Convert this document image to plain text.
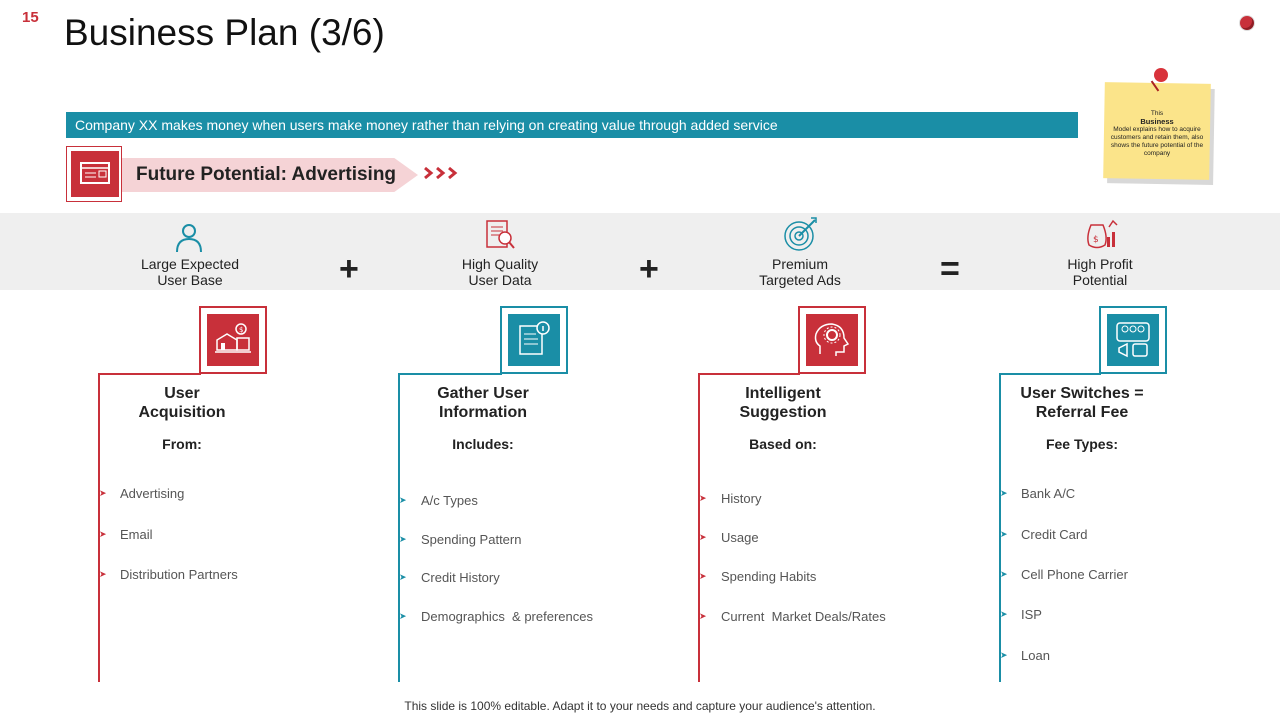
15 Business Plan (3/6)
Company XX makes money when users make money rather than relying on creating value through added service
Future Potential: Advertising
This
Business
Model explains how to acquire customers and retain them, also shows the future potential of the company
Large Expected
User Base	+	High Quality
User Data	+	Premium
Targeted Ads	=
$
High Profit
Potential
$
User
Acquisition
From:
➤ Advertising
➤ Email
➤ Distribution Partners
Gather User
Information
Includes:
➤ A/c Types
➤ Spending Pattern
➤ Credit History
➤ Demographics  & preferences
Intelligent
Suggestion
Based on:
➤ History
➤ Usage
➤ Spending Habits
➤ Current  Market Deals/Rates
User Switches =
Referral Fee
Fee Types:
➤ Bank A/C
➤ Credit Card
➤ Cell Phone Carrier
➤ ISP
➤ Loan
This slide is 100% editable. Adapt it to your needs and capture your audience's attention.
